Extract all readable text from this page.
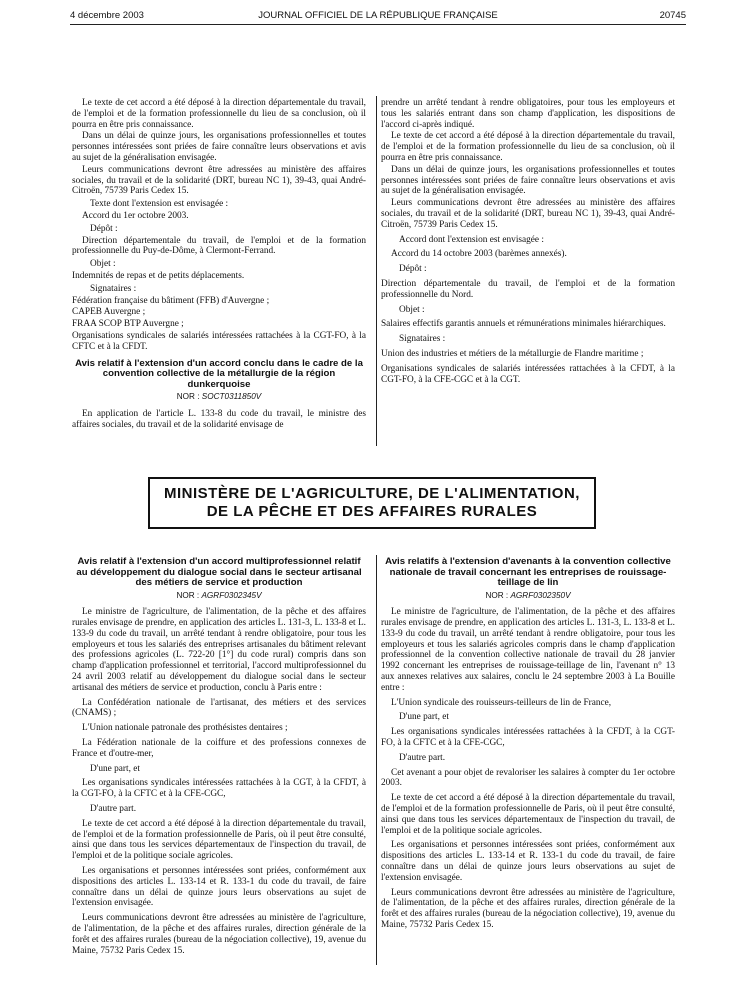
4 décembre 2003	JOURNAL OFFICIEL DE LA RÉPUBLIQUE FRANÇAISE	20745

Le texte de cet accord a été déposé à la direction départementale du travail, de l'emploi et de la formation professionnelle du lieu de sa conclusion, où il pourra en être pris connaissance.

Dans un délai de quinze jours, les organisations professionnelles et toutes personnes intéressées sont priées de faire connaître leurs observations et avis au sujet de la généralisation envisagée.

Leurs communications devront être adressées au ministère des affaires sociales, du travail et de la solidarité (DRT, bureau NC 1), 39-43, quai André-Citroën, 75739 Paris Cedex 15.

Texte dont l'extension est envisagée :

Accord du 1er octobre 2003.

Dépôt :

Direction départementale du travail, de l'emploi et de la formation professionnelle du Puy-de-Dôme, à Clermont-Ferrand.

Objet :

Indemnités de repas et de petits déplacements.

Signataires :

Fédération française du bâtiment (FFB) d'Auvergne ;

CAPEB Auvergne ;

FRAA SCOP BTP Auvergne ;

Organisations syndicales de salariés intéressées rattachées à la CGT-FO, à la CFTC et à la CFDT.

Avis relatif à l'extension d'un accord conclu dans le cadre de la convention collective de la métallurgie de la région dunkerquoise
NOR : SOCT0311850V

En application de l'article L. 133-8 du code du travail, le ministre des affaires sociales, du travail et de la solidarité envisage de

prendre un arrêté tendant à rendre obligatoires, pour tous les employeurs et tous les salariés entrant dans son champ d'application, les dispositions de l'accord ci-après indiqué.

Le texte de cet accord a été déposé à la direction départementale du travail, de l'emploi et de la formation professionnelle du lieu de sa conclusion, où il pourra en être pris connaissance.

Dans un délai de quinze jours, les organisations professionnelles et toutes personnes intéressées sont priées de faire connaître leurs observations et avis au sujet de la généralisation envisagée.

Leurs communications devront être adressées au ministère des affaires sociales, du travail et de la solidarité (DRT, bureau NC 1), 39-43, quai André-Citroën, 75739 Paris Cedex 15.

Accord dont l'extension est envisagée :

Accord du 14 octobre 2003 (barèmes annexés).

Dépôt :

Direction départementale du travail, de l'emploi et de la formation professionnelle du Nord.

Objet :

Salaires effectifs garantis annuels et rémunérations minimales hiérarchiques.

Signataires :

Union des industries et métiers de la métallurgie de Flandre maritime ;

Organisations syndicales de salariés intéressées rattachées à la CFDT, à la CGT-FO, à la CFE-CGC et à la CGT.

MINISTÈRE DE L'AGRICULTURE, DE L'ALIMENTATION,
DE LA PÊCHE ET DES AFFAIRES RURALES
Avis relatif à l'extension d'un accord multiprofessionnel relatif au développement du dialogue social dans le secteur artisanal des métiers de service et production
NOR : AGRF0302345V

Le ministre de l'agriculture, de l'alimentation, de la pêche et des affaires rurales envisage de prendre, en application des articles L. 131-3, L. 133-8 et L. 133-9 du code du travail, un arrêté tendant à rendre obligatoire, pour tous les employeurs et tous les salariés des entreprises artisanales du bâtiment relevant des professions agricoles (L. 722-20 [1°] du code rural) compris dans son champ d'application professionnel et territorial, l'accord multiprofessionnel du 24 avril 2003 relatif au développement du dialogue social dans le secteur artisanal des métiers de service et production, conclu à Paris entre :

La Confédération nationale de l'artisanat, des métiers et des services (CNAMS) ;

L'Union nationale patronale des prothésistes dentaires ;

La Fédération nationale de la coiffure et des professions connexes de France et d'outre-mer,

D'une part, et

Les organisations syndicales intéressées rattachées à la CGT, à la CFDT, à la CGT-FO, à la CFTC et à la CFE-CGC,

D'autre part.

Le texte de cet accord a été déposé à la direction départementale du travail, de l'emploi et de la formation professionnelle de Paris, où il peut être consulté, ainsi que dans tous les services départementaux de l'inspection du travail, de l'emploi et de la politique sociale agricoles.

Les organisations et personnes intéressées sont priées, conformément aux dispositions des articles L. 133-14 et R. 133-1 du code du travail, de faire connaître dans un délai de quinze jours leurs observations au sujet de l'extension envisagée.

Leurs communications devront être adressées au ministère de l'agriculture, de l'alimentation, de la pêche et des affaires rurales, direction générale de la forêt et des affaires rurales (bureau de la négociation collective), 19, avenue du Maine, 75732 Paris Cedex 15.

Avis relatifs à l'extension d'avenants à la convention collective nationale de travail concernant les entreprises de rouissage-teillage de lin
NOR : AGRF0302350V

Le ministre de l'agriculture, de l'alimentation, de la pêche et des affaires rurales envisage de prendre, en application des articles L. 131-3, L. 133-8 et L. 133-9 du code du travail, un arrêté tendant à rendre obligatoire, pour tous les employeurs et tous les salariés agricoles compris dans le champ d'application professionnel de la convention collective nationale de travail du 28 janvier 1992 concernant les entreprises de rouissage-teillage de lin, l'avenant n° 13 aux annexes relatives aux salaires, conclu le 24 septembre 2003 à La Bouille entre :

L'Union syndicale des rouisseurs-teilleurs de lin de France,

D'une part, et

Les organisations syndicales intéressées rattachées à la CFDT, à la CGT-FO, à la CFTC et à la CFE-CGC,

D'autre part.

Cet avenant a pour objet de revaloriser les salaires à compter du 1er octobre 2003.

Le texte de cet accord a été déposé à la direction départementale du travail, de l'emploi et de la formation professionnelle de Paris, où il peut être consulté, ainsi que dans tous les services départementaux de l'inspection du travail, de l'emploi et de la politique sociale agricoles.

Les organisations et personnes intéressées sont priées, conformément aux dispositions des articles L. 133-14 et R. 133-1 du code du travail, de faire connaître dans un délai de quinze jours leurs observations au sujet de l'extension envisagée.

Leurs communications devront être adressées au ministère de l'agriculture, de l'alimentation, de la pêche et des affaires rurales, direction générale de la forêt et des affaires rurales (bureau de la négociation collective), 19, avenue du Maine, 75732 Paris Cedex 15.
